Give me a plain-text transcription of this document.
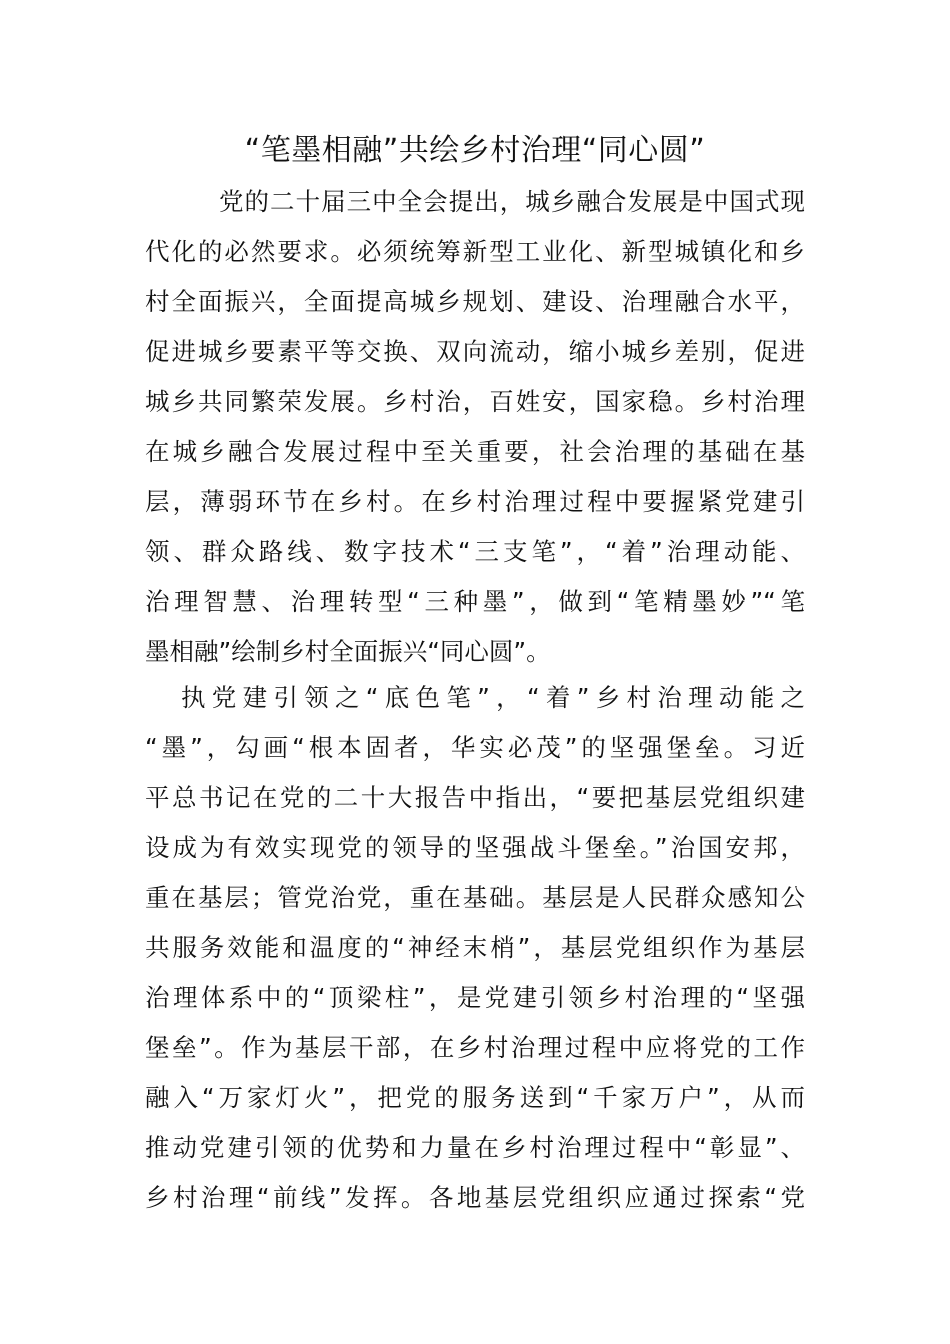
“笔墨相融”共绘乡村治理“同心圆”
党的二十届三中全会提出，城乡融合发展是中国式现
代化的必然要求。必须统筹新型工业化、新型城镇化和乡
村全面振兴，全面提高城乡规划、建设、治理融合水平，
促进城乡要素平等交换、双向流动，缩小城乡差别，促进
城乡共同繁荣发展。乡村治，百姓安，国家稳。乡村治理
在城乡融合发展过程中至关重要，社会治理的基础在基
层，薄弱环节在乡村。在乡村治理过程中要握紧党建引
领、群众路线、数字技术“三支笔”，“着”治理动能、
治理智慧、治理转型“三种墨”，做到“笔精墨妙”“笔
墨相融”绘制乡村全面振兴“同心圆”。
执党建引领之“底色笔”，“着”乡村治理动能之
“墨”，勾画“根本固者，华实必茂”的坚强堡垒。习近
平总书记在党的二十大报告中指出，“要把基层党组织建
设成为有效实现党的领导的坚强战斗堡垒。”治国安邦，
重在基层；管党治党，重在基础。基层是人民群众感知公
共服务效能和温度的“神经末梢”，基层党组织作为基层
治理体系中的“顶梁柱”，是党建引领乡村治理的“坚强
堡垒”。作为基层干部，在乡村治理过程中应将党的工作
融入“万家灯火”，把党的服务送到“千家万户”，从而
推动党建引领的优势和力量在乡村治理过程中“彰显”、
乡村治理“前线”发挥。各地基层党组织应通过探索“党
